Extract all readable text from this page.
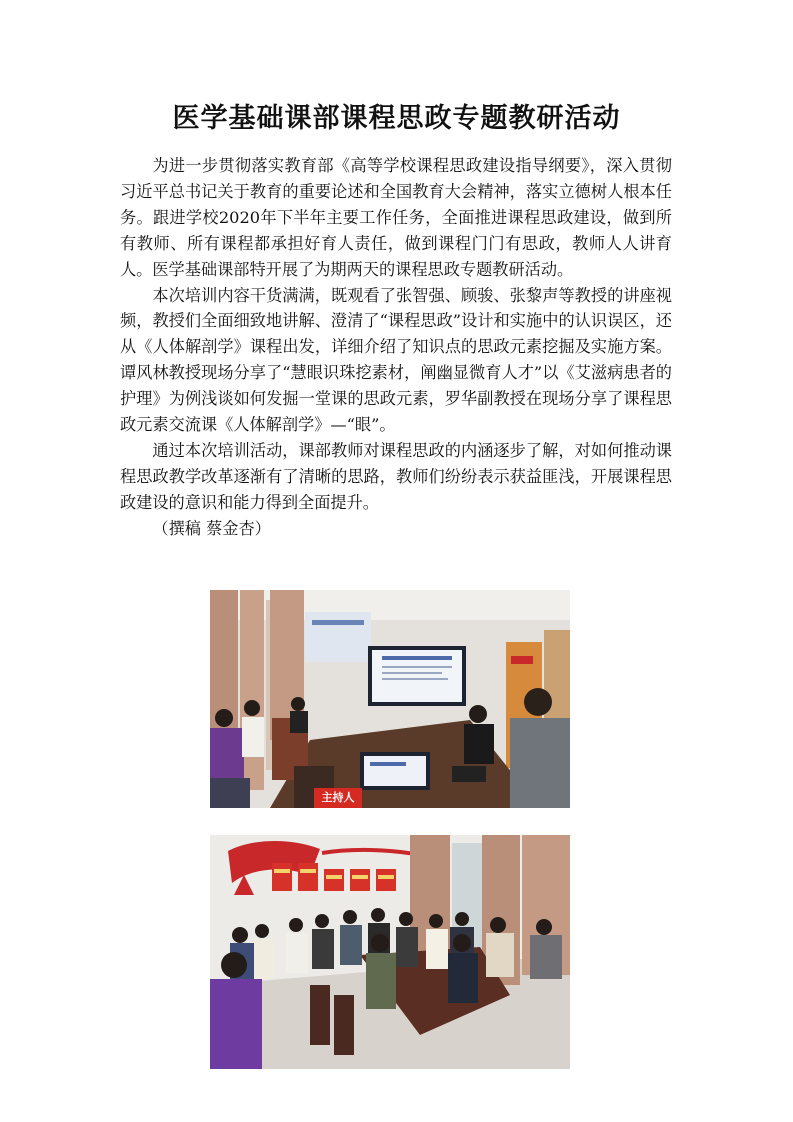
医学基础课部课程思政专题教研活动

为进一步贯彻落实教育部《高等学校课程思政建设指导纲要》，深入贯彻习近平总书记关于教育的重要论述和全国教育大会精神，落实立德树人根本任务。跟进学校2020年下半年主要工作任务，全面推进课程思政建设，做到所有教师、所有课程都承担好育人责任，做到课程门门有思政，教师人人讲育人。医学基础课部特开展了为期两天的课程思政专题教研活动。

本次培训内容干货满满，既观看了张智强、顾骏、张黎声等教授的讲座视频，教授们全面细致地讲解、澄清了“课程思政”设计和实施中的认识误区，还从《人体解剖学》课程出发，详细介绍了知识点的思政元素挖掘及实施方案。谭风林教授现场分享了“慧眼识珠挖素材，阐幽显微育人才”以《艾滋病患者的护理》为例浅谈如何发掘一堂课的思政元素，罗华副教授在现场分享了课程思政元素交流课《人体解剖学》—“眼”。

通过本次培训活动，课部教师对课程思政的内涵逐步了解，对如何推动课程思政教学改革逐渐有了清晰的思路，教师们纷纷表示获益匪浅，开展课程思政建设的意识和能力得到全面提升。

（撰稿 蔡金杏）

主持人
